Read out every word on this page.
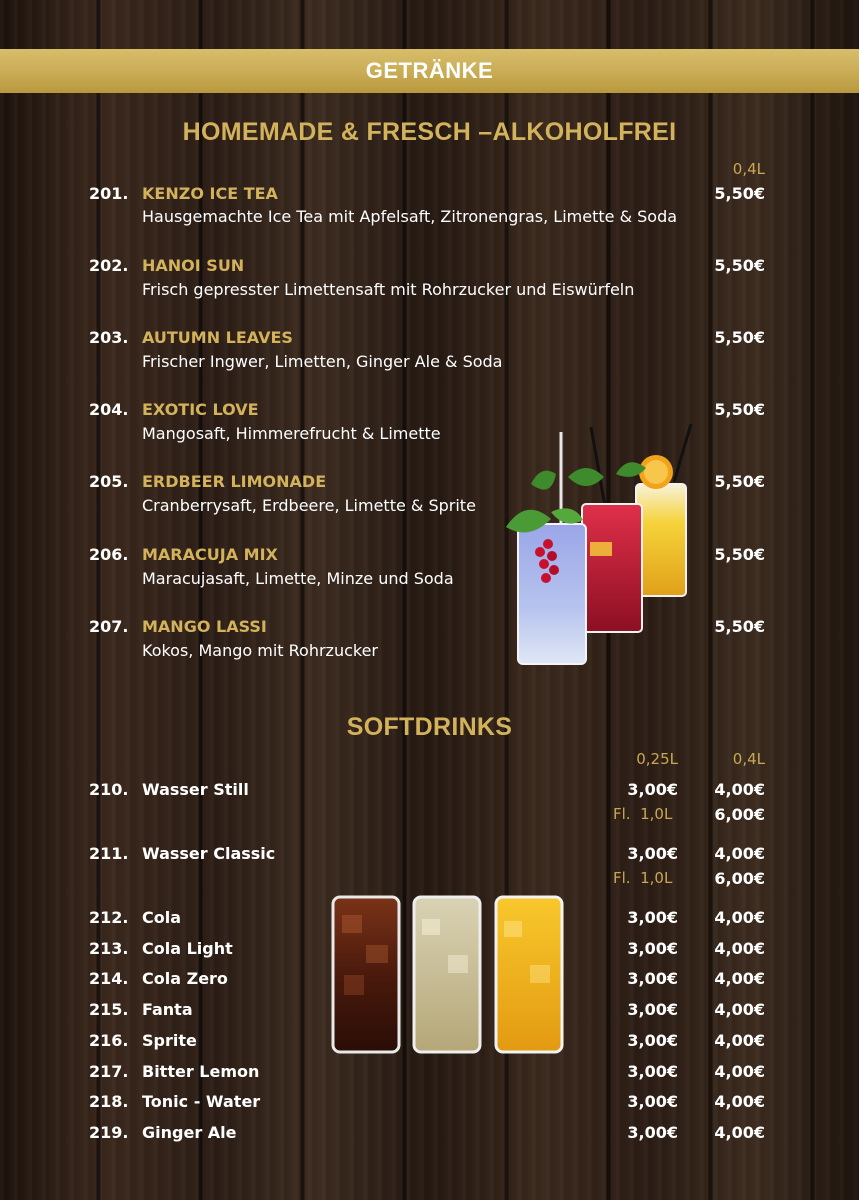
GETRÄNKE
HOMEMADE & FRESCH –ALKOHOLFREI
0,4L
201. KENZO ICE TEA	5,50€
Hausgemachte Ice Tea mit Apfelsaft, Zitronengras, Limette & Soda
202. HANOI SUN	5,50€
Frisch gepresster Limettensaft mit Rohrzucker und Eiswürfeln
203. AUTUMN LEAVES	5,50€
Frischer Ingwer, Limetten, Ginger Ale & Soda
204. EXOTIC LOVE	5,50€
Mangosaft, Himmerefrucht & Limette
205. ERDBEER LIMONADE	5,50€
Cranberrysaft, Erdbeere, Limette & Sprite
206. MARACUJA MIX	5,50€
Maracujasaft, Limette, Minze und Soda
207. MANGO LASSI	5,50€
Kokos, Mango mit Rohrzucker
SOFTDRINKS
0,25L	0,4L
210. Wasser Still	3,00€	4,00€
Fl.  1,0L	6,00€
211. Wasser Classic	3,00€	4,00€
Fl.  1,0L	6,00€
212. Cola	3,00€	4,00€
213. Cola Light	3,00€	4,00€
214. Cola Zero	3,00€	4,00€
215. Fanta	3,00€	4,00€
216. Sprite	3,00€	4,00€
217. Bitter Lemon	3,00€	4,00€
218. Tonic - Water	3,00€	4,00€
219. Ginger Ale	3,00€	4,00€
